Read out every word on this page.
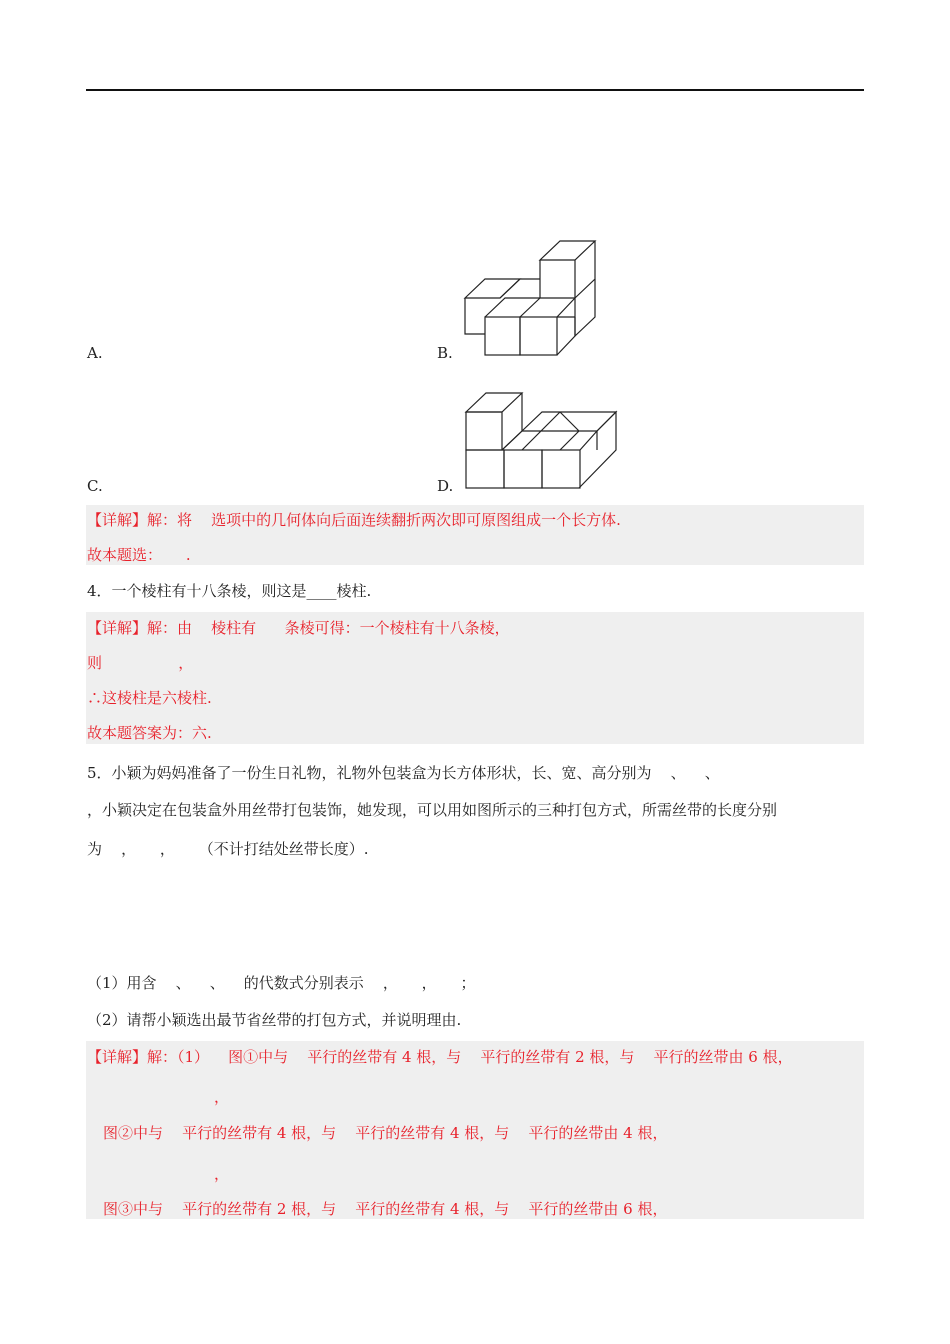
A.	B.
C.	D.
【详解】解：将    选项中的几何体向后面连续翻折两次即可原图组成一个长方体.
故本题选：     .
4．一个棱柱有十八条棱，则这是____棱柱.
【详解】解：由    棱柱有      条棱可得：一个棱柱有十八条棱，
则                ，
∴这棱柱是六棱柱.
故本题答案为：六.
5．小颖为妈妈准备了一份生日礼物，礼物外包装盒为长方体形状，长、宽、高分别为    、    、
，小颖决定在包装盒外用丝带打包装饰，她发现，可以用如图所示的三种打包方式，所需丝带的长度分别
为    ，     ，     （不计打结处丝带长度）.
（1）用含    、    、    的代数式分别表示    ，     ，     ；
（2）请帮小颖选出最节省丝带的打包方式，并说明理由.
【详解】解：（1）    图①中与    平行的丝带有 4 根，与    平行的丝带有 2 根，与    平行的丝带由 6 根，
，
图②中与    平行的丝带有 4 根，与    平行的丝带有 4 根，与    平行的丝带由 4 根，
，
图③中与    平行的丝带有 2 根，与    平行的丝带有 4 根，与    平行的丝带由 6 根，
